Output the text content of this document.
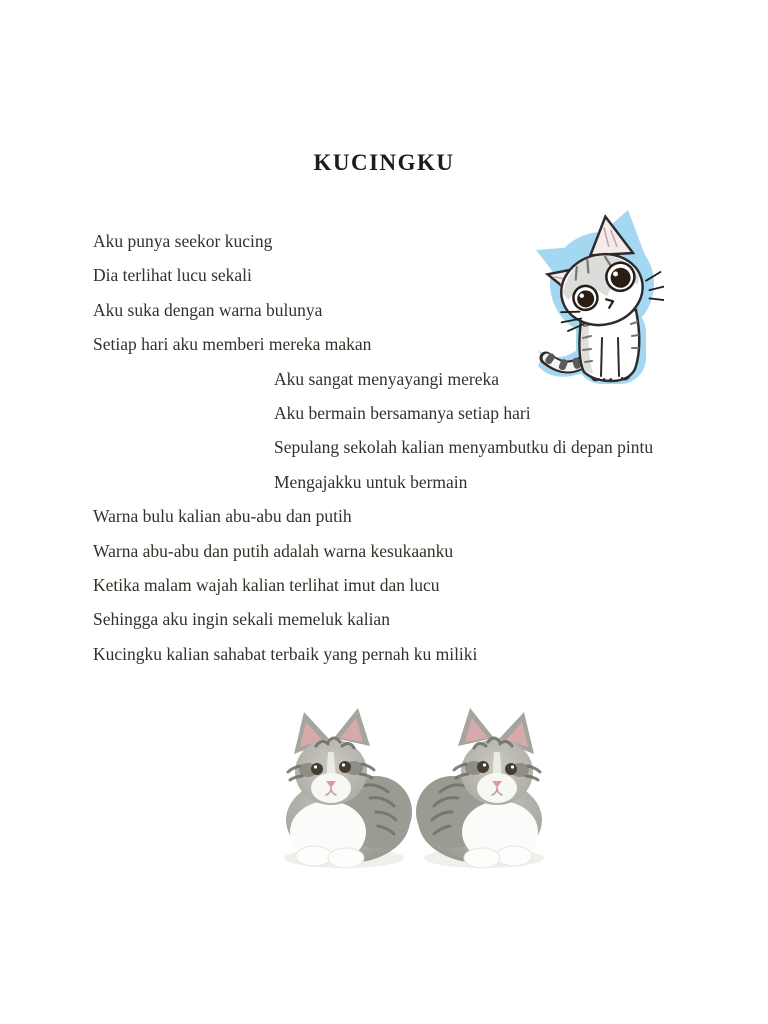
KUCINGKU
Aku punya seekor kucing
Dia terlihat lucu sekali
Aku suka dengan warna bulunya
Setiap hari aku memberi mereka makan
Aku sangat menyayangi mereka
Aku bermain bersamanya setiap hari
Sepulang sekolah kalian menyambutku di depan pintu
Mengajakku untuk bermain
Warna bulu kalian abu-abu dan putih
Warna abu-abu dan putih adalah warna kesukaanku
Ketika malam wajah kalian terlihat imut dan lucu
Sehingga aku ingin sekali memeluk kalian
Kucingku kalian sahabat terbaik yang pernah ku miliki
